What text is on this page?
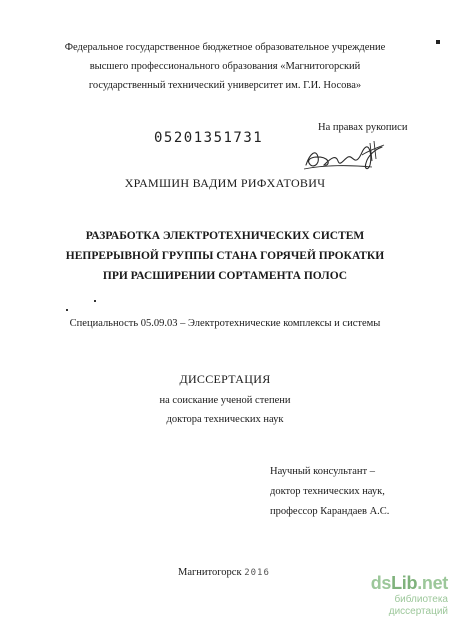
Федеральное государственное бюджетное образовательное учреждение
высшего профессионального образования «Магнитогорский
государственный технический университет им. Г.И. Носова»
На правах рукописи
05201351731
ХРАМШИН ВАДИМ РИФХАТОВИЧ
РАЗРАБОТКА ЭЛЕКТРОТЕХНИЧЕСКИХ СИСТЕМ
НЕПРЕРЫВНОЙ ГРУППЫ СТАНА ГОРЯЧЕЙ ПРОКАТКИ
ПРИ РАСШИРЕНИИ СОРТАМЕНТА ПОЛОС
Специальность 05.09.03 – Электротехнические комплексы и системы
ДИССЕРТАЦИЯ
на соискание ученой степени
доктора технических наук
Научный консультант –
доктор технических наук,
профессор Карандаев А.С.
Магнитогорск 2016	dsLib.net
библиотека диссертаций
